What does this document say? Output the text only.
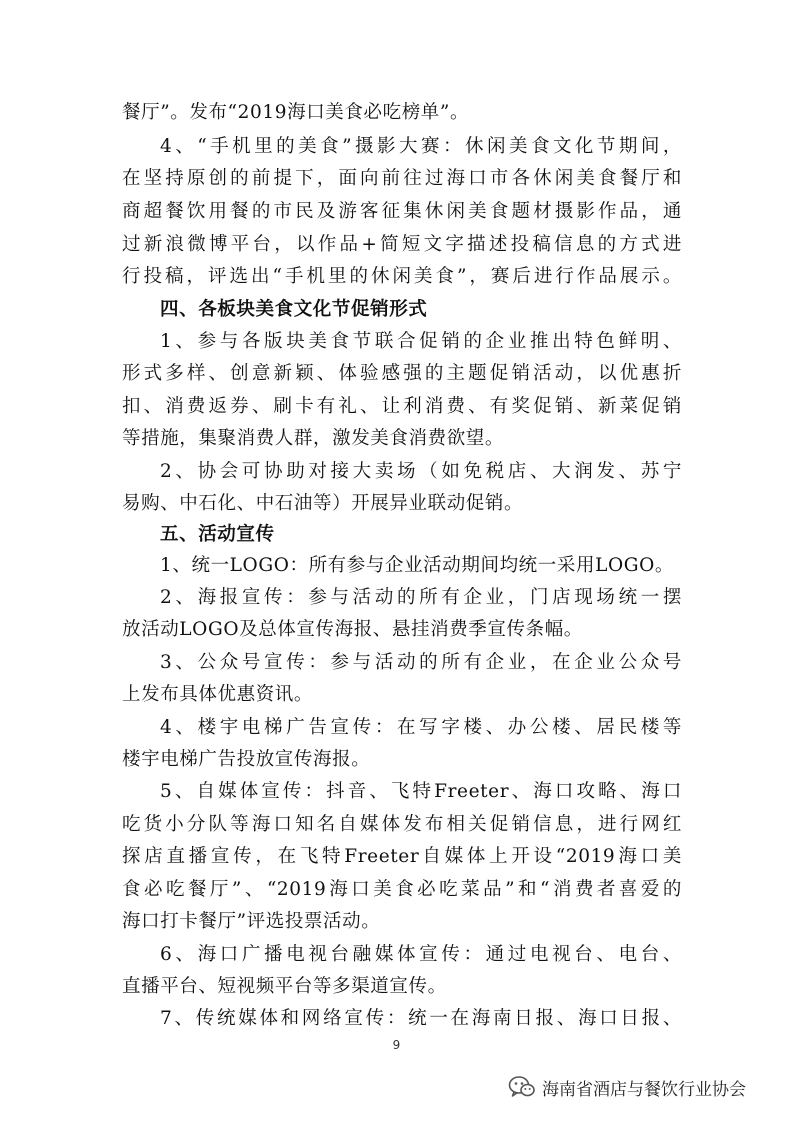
餐厅”。发布“2019海口美食必吃榜单”。
4、“手机里的美食”摄影大赛：休闲美食文化节期间，
在坚持原创的前提下，面向前往过海口市各休闲美食餐厅和
商超餐饮用餐的市民及游客征集休闲美食题材摄影作品，通
过新浪微博平台，以作品+简短文字描述投稿信息的方式进
行投稿，评选出“手机里的休闲美食”，赛后进行作品展示。
四、各板块美食文化节促销形式
1、参与各版块美食节联合促销的企业推出特色鲜明、
形式多样、创意新颖、体验感强的主题促销活动，以优惠折
扣、消费返券、刷卡有礼、让利消费、有奖促销、新菜促销
等措施，集聚消费人群，激发美食消费欲望。
2、协会可协助对接大卖场（如免税店、大润发、苏宁
易购、中石化、中石油等）开展异业联动促销。
五、活动宣传
1、统一LOGO：所有参与企业活动期间均统一采用LOGO。
2、海报宣传：参与活动的所有企业，门店现场统一摆
放活动LOGO及总体宣传海报、悬挂消费季宣传条幅。
3、公众号宣传：参与活动的所有企业，在企业公众号
上发布具体优惠资讯。
4、楼宇电梯广告宣传：在写字楼、办公楼、居民楼等
楼宇电梯广告投放宣传海报。
5、自媒体宣传：抖音、飞特Freeter、海口攻略、海口
吃货小分队等海口知名自媒体发布相关促销信息，进行网红
探店直播宣传，在飞特Freeter自媒体上开设“2019海口美
食必吃餐厅”、“2019海口美食必吃菜品”和“消费者喜爱的
海口打卡餐厅”评选投票活动。
6、海口广播电视台融媒体宣传：通过电视台、电台、
直播平台、短视频平台等多渠道宣传。
7、传统媒体和网络宣传：统一在海南日报、海口日报、
9
海南省酒店与餐饮行业协会
